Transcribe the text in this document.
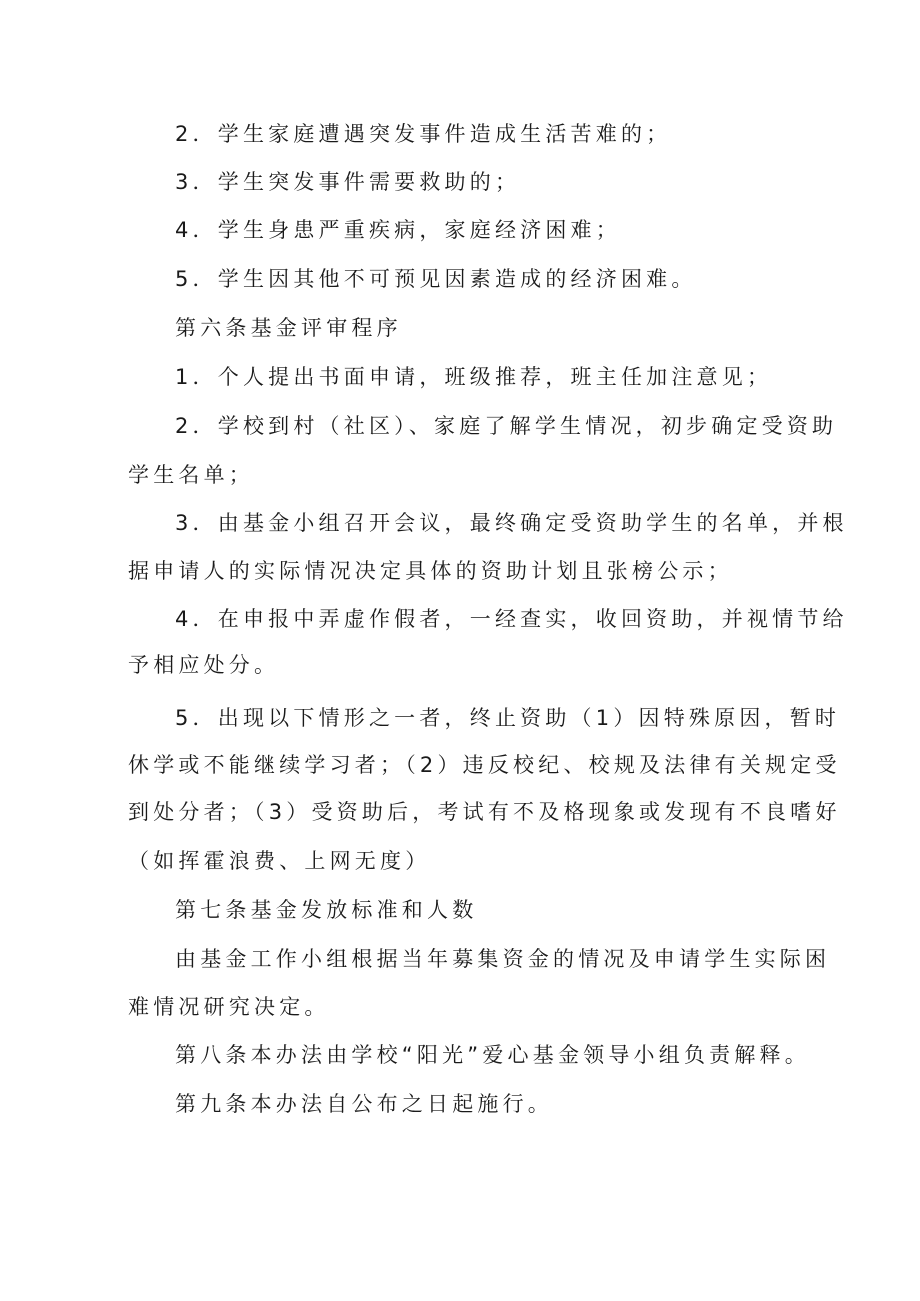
2．学生家庭遭遇突发事件造成生活苦难的；

3．学生突发事件需要救助的；

4．学生身患严重疾病，家庭经济困难；

5．学生因其他不可预见因素造成的经济困难。

第六条基金评审程序

1．个人提出书面申请，班级推荐，班主任加注意见；

2．学校到村（社区）、家庭了解学生情况，初步确定受资助

学生名单；

3．由基金小组召开会议，最终确定受资助学生的名单，并根

据申请人的实际情况决定具体的资助计划且张榜公示；

4．在申报中弄虚作假者，一经查实，收回资助，并视情节给

予相应处分。

5．出现以下情形之一者，终止资助（1）因特殊原因，暂时

休学或不能继续学习者；（2）违反校纪、校规及法律有关规定受

到处分者；（3）受资助后，考试有不及格现象或发现有不良嗜好

（如挥霍浪费、上网无度）

第七条基金发放标准和人数

由基金工作小组根据当年募集资金的情况及申请学生实际困

难情况研究决定。

第八条本办法由学校“阳光”爱心基金领导小组负责解释。

第九条本办法自公布之日起施行。
